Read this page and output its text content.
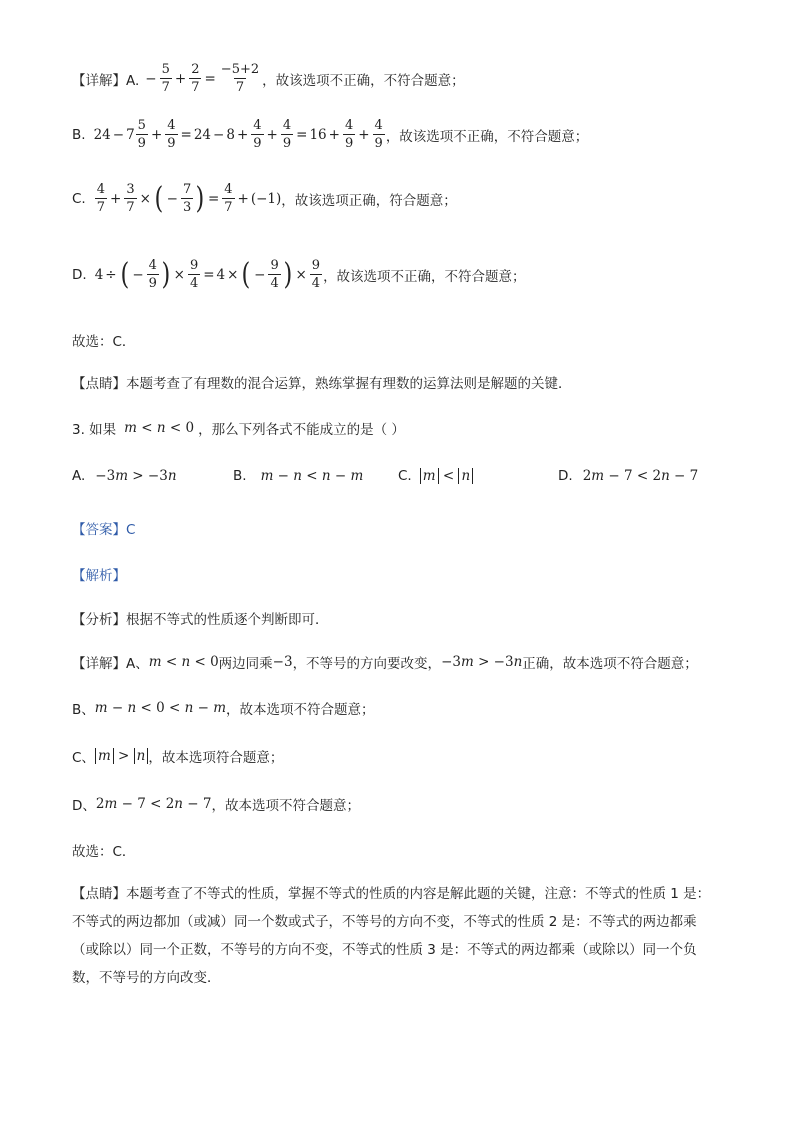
【详解】A. − $\frac{5}{7} + \frac{2}{7} = \frac{-5+2}{7}$ ，故该选项不正确，不符合题意；
B. $24 - 7 \frac{5}{9} + \frac{4}{9} = 24 - 8 + \frac{4}{9} + \frac{4}{9} = 16 + \frac{4}{9} + \frac{4}{9}$ ，故该选项不正确，不符合题意；
C. $\frac{4}{7} + \frac{3}{7}$ × ( − $\frac{7}{3}$ ) = $\frac{4}{7} + (-1)$ ，故该选项正确，符合题意；
D. 4 ÷ ( − $\frac{4}{9}$ ) × $\frac{9}{4} = 4$ × ( − $\frac{9}{4}$ ) × $\frac{9}{4}$ ，故该选项不正确，不符合题意；
故选：C．
【点睛】本题考查了有理数的混合运算，熟练掌握有理数的运算法则是解题的关键．
3. 如果 m < n < 0 ，那么下列各式不能成立的是（ ）
A. −3 m > −3 n	B. m − n < n − m	C. m < n	D. 2 m − 7 < 2 n − 7
【答案】C
【解析】
【分析】根据不等式的性质逐个判断即可．
【详解】A、 m < n < 0 两边同乘 −3 ，不等号的方向要改变， −3 m > −3 n 正确，故本选项不符合题意；
B、 m − n < 0 < n − m ，故本选项不符合题意；
C、 m > n ，故本选项符合题意；
D、 2 m − 7 < 2 n − 7 ，故本选项不符合题意；
故选：C．
【点睛】本题考查了不等式的性质，掌握不等式的性质的内容是解此题的关键，注意：不等式的性质 1 是：不等式的两边都加（或减）同一个数或式子，不等号的方向不变，不等式的性质 2 是：不等式的两边都乘（或除以）同一个正数，不等号的方向不变，不等式的性质 3 是：不等式的两边都乘（或除以）同一个负数，不等号的方向改变．
